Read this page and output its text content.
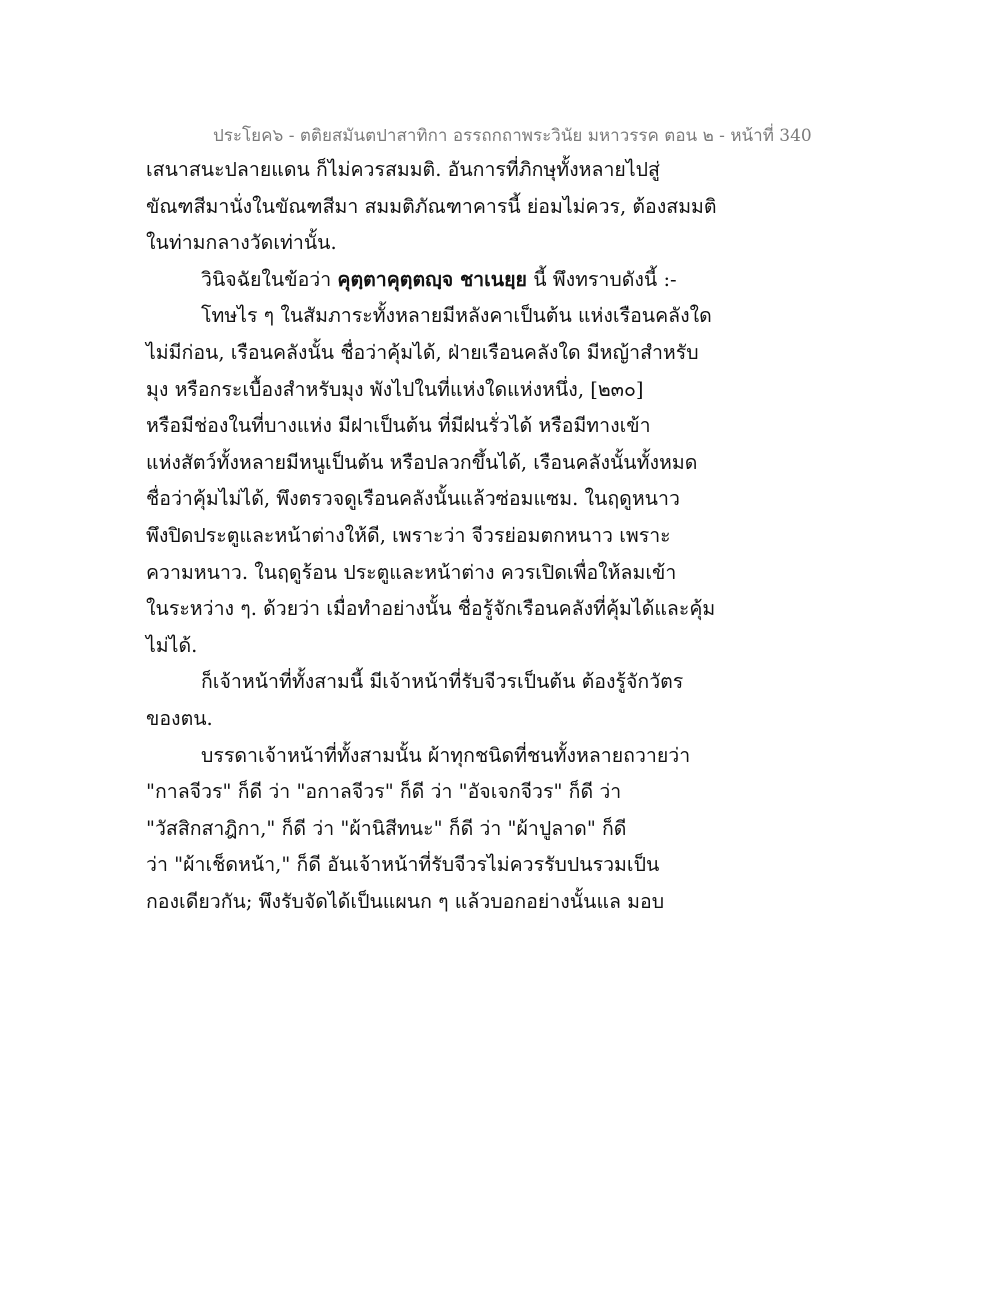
ประโยค๖ - ตติยสมันตปาสาทิกา อรรถกถาพระวินัย มหาวรรค ตอน ๒ - หน้าที่ 340
เสนาสนะปลายแดน ก็ไม่ควรสมมติ. อันการที่ภิกษุทั้งหลายไปสู่
ขัณฑสีมานั่งในขัณฑสีมา สมมติภัณฑาคารนี้ ย่อมไม่ควร, ต้องสมมติ
ในท่ามกลางวัดเท่านั้น.
วินิจฉัยในข้อว่า คุตฺตาคุตฺตญฺจ ชาเนยฺย นี้ พึงทราบดังนี้ :-
โทษไร ๆ ในสัมภาระทั้งหลายมีหลังคาเป็นต้น แห่งเรือนคลังใด
ไม่มีก่อน, เรือนคลังนั้น ชื่อว่าคุ้มได้, ฝ่ายเรือนคลังใด มีหญ้าสำหรับ
มุง หรือกระเบื้องสำหรับมุง พังไปในที่แห่งใดแห่งหนึ่ง, [๒๓๐]
หรือมีช่องในที่บางแห่ง มีฝาเป็นต้น ที่มีฝนรั่วได้ หรือมีทางเข้า
แห่งสัตว์ทั้งหลายมีหนูเป็นต้น หรือปลวกขึ้นได้, เรือนคลังนั้นทั้งหมด
ชื่อว่าคุ้มไม่ได้, พึงตรวจดูเรือนคลังนั้นแล้วซ่อมแซม. ในฤดูหนาว
พึงปิดประตูและหน้าต่างให้ดี, เพราะว่า จีวรย่อมตกหนาว เพราะ
ความหนาว. ในฤดูร้อน ประตูและหน้าต่าง ควรเปิดเพื่อให้ลมเข้า
ในระหว่าง ๆ. ด้วยว่า เมื่อทำอย่างนั้น ชื่อรู้จักเรือนคลังที่คุ้มได้และคุ้ม
ไม่ได้.
ก็เจ้าหน้าที่ทั้งสามนี้ มีเจ้าหน้าที่รับจีวรเป็นต้น ต้องรู้จักวัตร
ของตน.
บรรดาเจ้าหน้าที่ทั้งสามนั้น ผ้าทุกชนิดที่ชนทั้งหลายถวายว่า
"กาลจีวร" ก็ดี ว่า "อกาลจีวร" ก็ดี ว่า "อัจเจกจีวร" ก็ดี ว่า
"วัสสิกสาฎิกา," ก็ดี ว่า "ผ้านิสีทนะ" ก็ดี ว่า "ผ้าปูลาด" ก็ดี
ว่า "ผ้าเช็ดหน้า," ก็ดี อันเจ้าหน้าที่รับจีวรไม่ควรรับปนรวมเป็น
กองเดียวกัน; พึงรับจัดได้เป็นแผนก ๆ แล้วบอกอย่างนั้นแล มอบ
